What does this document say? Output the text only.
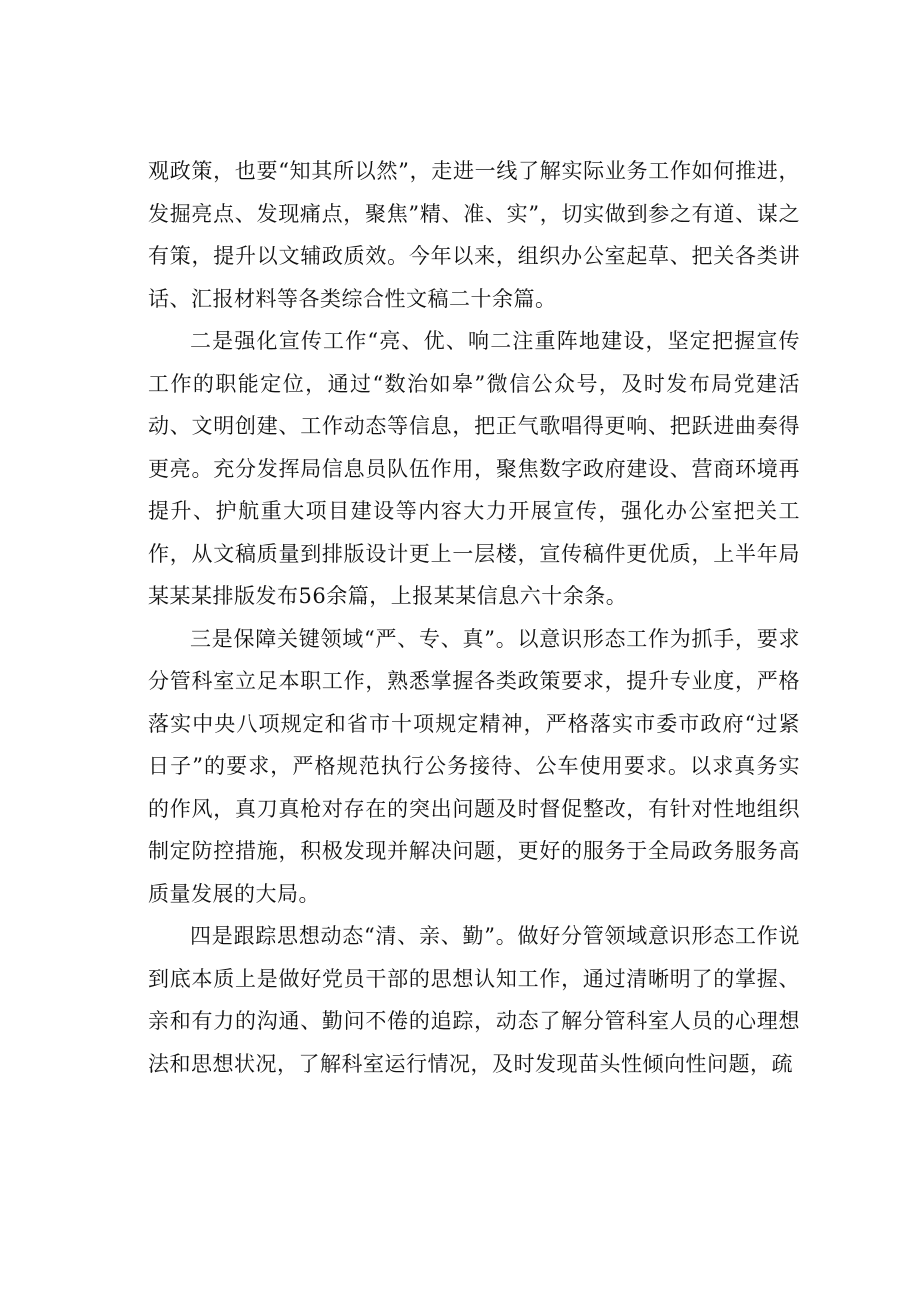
观政策，也要“知其所以然”，走进一线了解实际业务工作如何推进，发掘亮点、发现痛点，聚焦”精、准、实”，切实做到参之有道、谋之有策，提升以文辅政质效。今年以来，组织办公室起草、把关各类讲话、汇报材料等各类综合性文稿二十余篇。

二是强化宣传工作“亮、优、响二注重阵地建设，坚定把握宣传工作的职能定位，通过“数治如皋”微信公众号，及时发布局党建活动、文明创建、工作动态等信息，把正气歌唱得更响、把跃进曲奏得更亮。充分发挥局信息员队伍作用，聚焦数字政府建设、营商环境再提升、护航重大项目建设等内容大力开展宣传，强化办公室把关工作，从文稿质量到排版设计更上一层楼，宣传稿件更优质，上半年局某某某排版发布56余篇，上报某某信息六十余条。

三是保障关键领域“严、专、真”。以意识形态工作为抓手，要求分管科室立足本职工作，熟悉掌握各类政策要求，提升专业度，严格落实中央八项规定和省市十项规定精神，严格落实市委市政府“过紧日子”的要求，严格规范执行公务接待、公车使用要求。以求真务实的作风，真刀真枪对存在的突出问题及时督促整改，有针对性地组织制定防控措施，积极发现并解决问题，更好的服务于全局政务服务高质量发展的大局。

四是跟踪思想动态“清、亲、勤”。做好分管领域意识形态工作说到底本质上是做好党员干部的思想认知工作，通过清晰明了的掌握、亲和有力的沟通、勤问不倦的追踪，动态了解分管科室人员的心理想法和思想状况，了解科室运行情况，及时发现苗头性倾向性问题，疏
